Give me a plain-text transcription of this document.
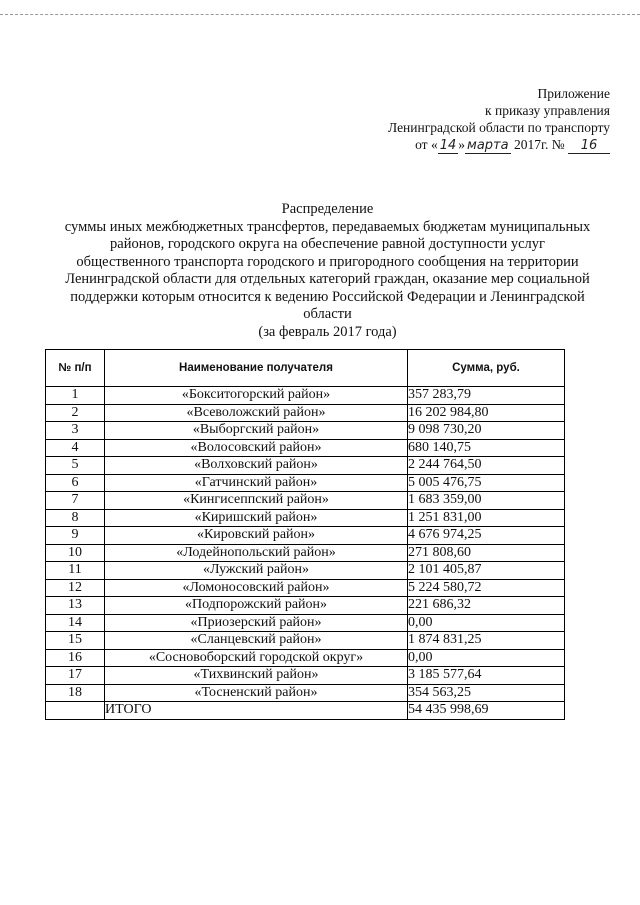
Приложение
к приказу управления
Ленинградской области по транспорту
от « 14 » марта 2017г. № 16
Распределение
суммы иных межбюджетных трансфертов, передаваемых бюджетам муниципальных
районов, городского округа на обеспечение равной доступности услуг
общественного транспорта городского и пригородного сообщения на территории
Ленинградской области для отдельных категорий граждан, оказание мер социальной
поддержки которым относится к ведению Российской Федерации и Ленинградской
области
(за февраль 2017 года)
№ п/п	Наименование получателя	Сумма, руб.
1	«Бокситогорский район»	357 283,79
2	«Всеволожский район»	16 202 984,80
3	«Выборгский район»	9 098 730,20
4	«Волосовский район»	680 140,75
5	«Волховский район»	2 244 764,50
6	«Гатчинский район»	5 005 476,75
7	«Кингисеппский район»	1 683 359,00
8	«Киришский район»	1 251 831,00
9	«Кировский район»	4 676 974,25
10	«Лодейнопольский район»	271 808,60
11	«Лужский район»	2 101 405,87
12	«Ломоносовский район»	5 224 580,72
13	«Подпорожский район»	221 686,32
14	«Приозерский район»	0,00
15	«Сланцевский район»	1 874 831,25
16	«Сосновоборский городской округ»	0,00
17	«Тихвинский район»	3 185 577,64
18	«Тосненский район»	354 563,25
	ИТОГО	54 435 998,69
